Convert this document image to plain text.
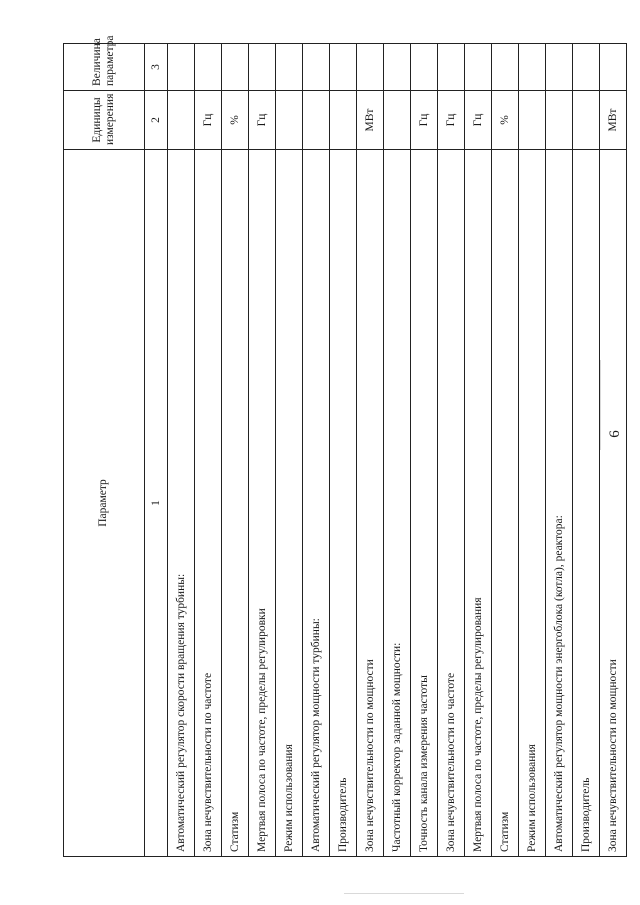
6
Параметр	Единицы измерения	Величина параметра
1	2	3
Автоматический регулятор скорости вращения турбины:		
Зона нечувствительности по частоте	Гц	
Статизм	%	
Мертвая полоса по частоте, пределы регулировки	Гц	
Режим использования		
Автоматический регулятор мощности турбины:		
Производитель		
Зона нечувствительности по мощности	МВт	
Частотный корректор заданной мощности:		
Точность канала измерения частоты	Гц	
Зона нечувствительности по частоте	Гц	
Мертвая полоса по частоте, пределы регулирования	Гц	
Статизм	%	
Режим использования		
Автоматический регулятор мощности энергоблока (котла), реактора:		
Производитель		
Зона нечувствительности по мощности	МВт	
